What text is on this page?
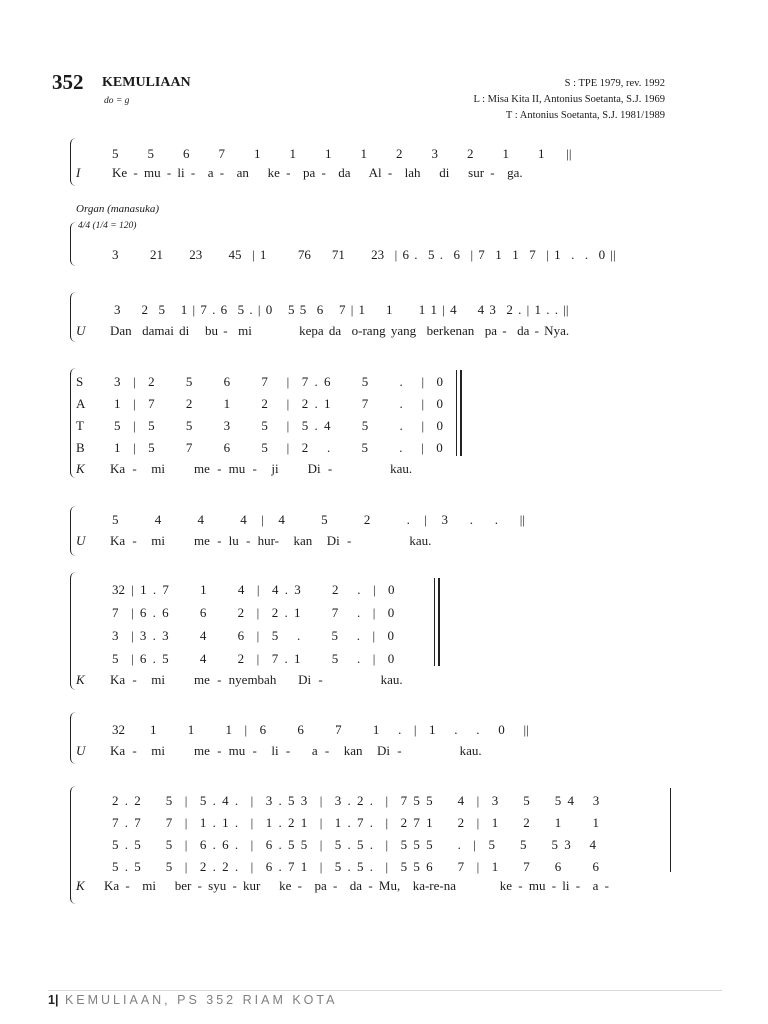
352 KEMULIAAN
do = g
S : TPE 1979, rev. 1992
L : Misa Kita II, Antonius Soetanta, S.J. 1969
T : Antonius Soetanta, S.J. 1981/1989
5    5    6    7    1    1    1    1    2    3    2    1    1   ||
I Ke - mu - li -  a -  an   ke -  pa -  da   Al -  lah   di   sur -  ga.
Organ (manasuka)
4/4 (1/4 = 120)
3      21     23     45  | 1      76    71     23  | 6 .  5 .  6  | 7  1  1  7  | 1  .  .  0 ||
3    2  5   1 | 7 . 6  5 . | 0   5 5  6   7 | 1    1     1 1 | 4    4 3  2 . | 1 . . ||
U Dan  damai di   bu -  mi         kepa da  o-rang yang  berkenan  pa -  da - Nya.
S
A
T
B
3  |  2     5     6     7   |  7 . 6     5     .   |  0
1  |  7     2     1     2   |  2 . 1     7     .   |  0
5  |  5     5     3     5   |  5 . 4     5     .   |  0
1  |  5     7     6     5   |  2   .     5     .   |  0
K Ka -  mi    me - mu -  ji    Di -        kau.
5     4     4     4  |  4     5     2     .  |  3   .   .   ||
U Ka -  mi    me - lu - hur-  kan  Di -        kau.
32 | 1 . 7     1     4  |  4 . 3     2   .  |  0
7  | 6 . 6     6     2  |  2 . 1     7   .  |  0
3  | 3 . 3     4     6  |  5   .     5   .  |  0
5  | 6 . 5     4     2  |  7 . 1     5   .  |  0
K Ka -  mi    me - nyembah   Di -        kau.
32    1     1     1  |  6     6     7     1   .  |  1   .   .   0   ||
U Ka -  mi    me - mu -  li -   a -  kan  Di -        kau.
2 . 2    5  |  5 . 4 .  |  3 . 5 3  |  3 . 2 .  |  7 5 5    4  |  3    5    5 4   3
7 . 7    7  |  1 . 1 .  |  1 . 2 1  |  1 . 7 .  |  2 7 1    2  |  1    2    1     1
5 . 5    5  |  6 . 6 .  |  6 . 5 5  |  5 . 5 .  |  5 5 5    .  |  5    5    5 3   4
5 . 5    5  |  2 . 2 .  |  6 . 7 1  |  5 . 5 .  |  5 5 6    7  |  1    7    6     6
K Ka -  mi   ber - syu - kur   ke -  pa -  da - Mu,  ka-re-na       ke - mu - li -  a -
1| KEMULIAAN, PS 352 RIAM KOTA
